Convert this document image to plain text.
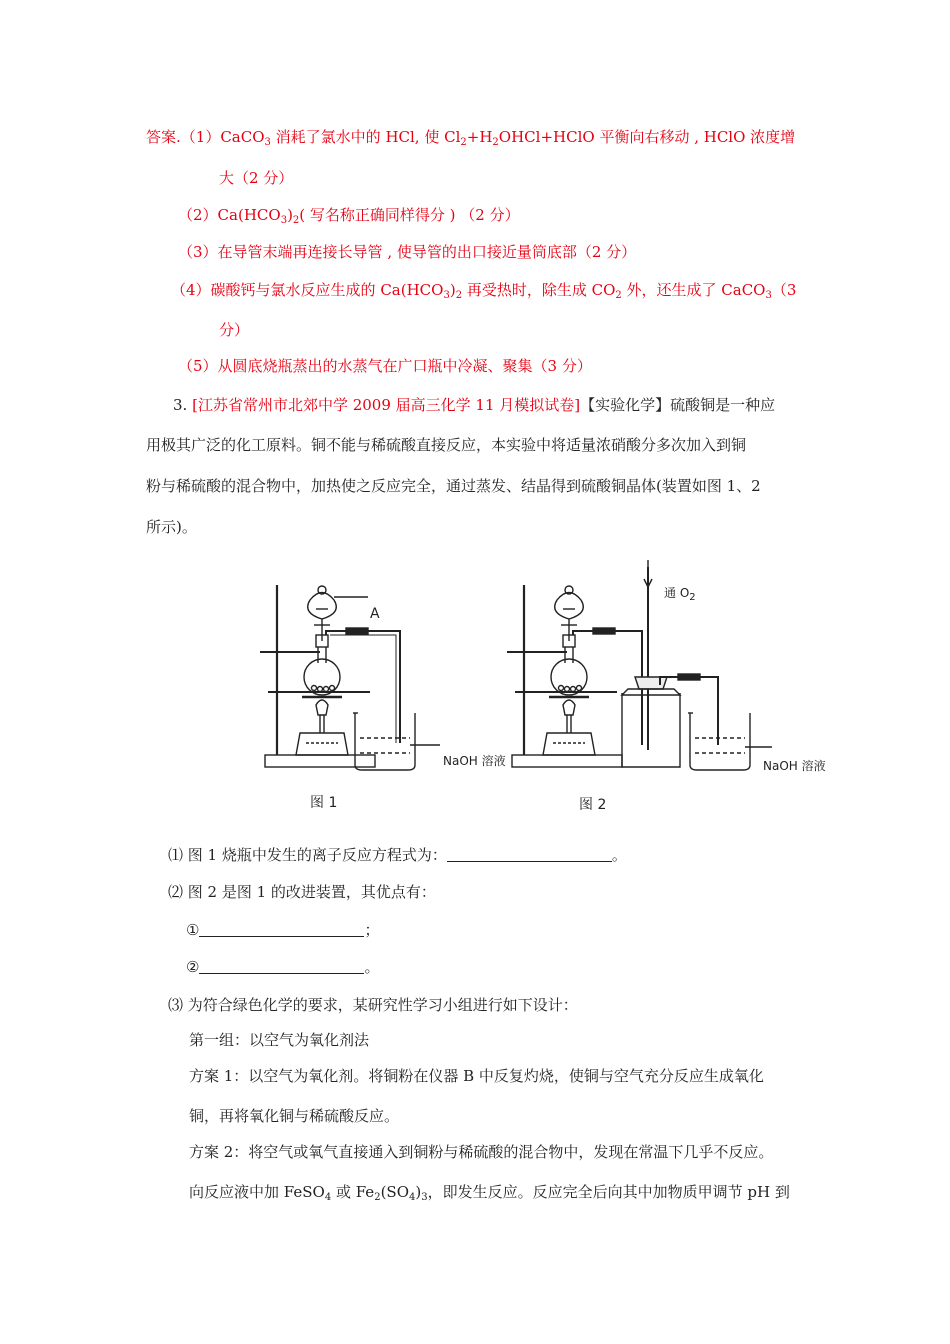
答案.（1）CaCO$_3$ 消耗了氯水中的 HCl, 使 $Cl_2+H_2OHCl+HClO$ 平衡向右移动 , HClO 浓度增
大（2 分）
$(2)Ca(HCO_3)_2$( 写名称正确同样得分 ) （2 分）
（3）在导管末端再连接长导管 , 使导管的出口接近量筒底部（2 分）
（4）碳酸钙与氯水反应生成的 $Ca(HCO_3)_2$ 再受热时，除生成 $CO_2$ 外，还生成了 CaCO$_3$（3
分）
（5）从圆底烧瓶蒸出的水蒸气在广口瓶中冷凝、聚集（3 分）
3. [江苏省常州市北郊中学 2009 届高三化学 11 月模拟试卷]【实验化学】硫酸铜是一种应
用极其广泛的化工原料。铜不能与稀硫酸直接反应，本实验中将适量浓硝酸分多次加入到铜
粉与稀硫酸的混合物中，加热使之反应完全，通过蒸发、结晶得到硫酸铜晶体(装置如图 1、2
所示)。
A
通 $O_2$
NaOH 溶液	NaOH 溶液
图 1	图 2
⑴ 图 1 烧瓶中发生的离子反应方程式为：	。
⑵ 图 2 是图 1 的改进装置，其优点有：
①	；
②	。
⑶ 为符合绿色化学的要求，某研究性学习小组进行如下设计：
第一组：以空气为氧化剂法
方案 1：以空气为氧化剂。将铜粉在仪器 B 中反复灼烧，使铜与空气充分反应生成氧化
铜，再将氧化铜与稀硫酸反应。
方案 2：将空气或氧气直接通入到铜粉与稀硫酸的混合物中，发现在常温下几乎不反应。
向反应液中加 FeSO$_4$ 或 $Fe_2(SO_4)_3$，即发生反应。反应完全后向其中加物质甲调节 pH 到
